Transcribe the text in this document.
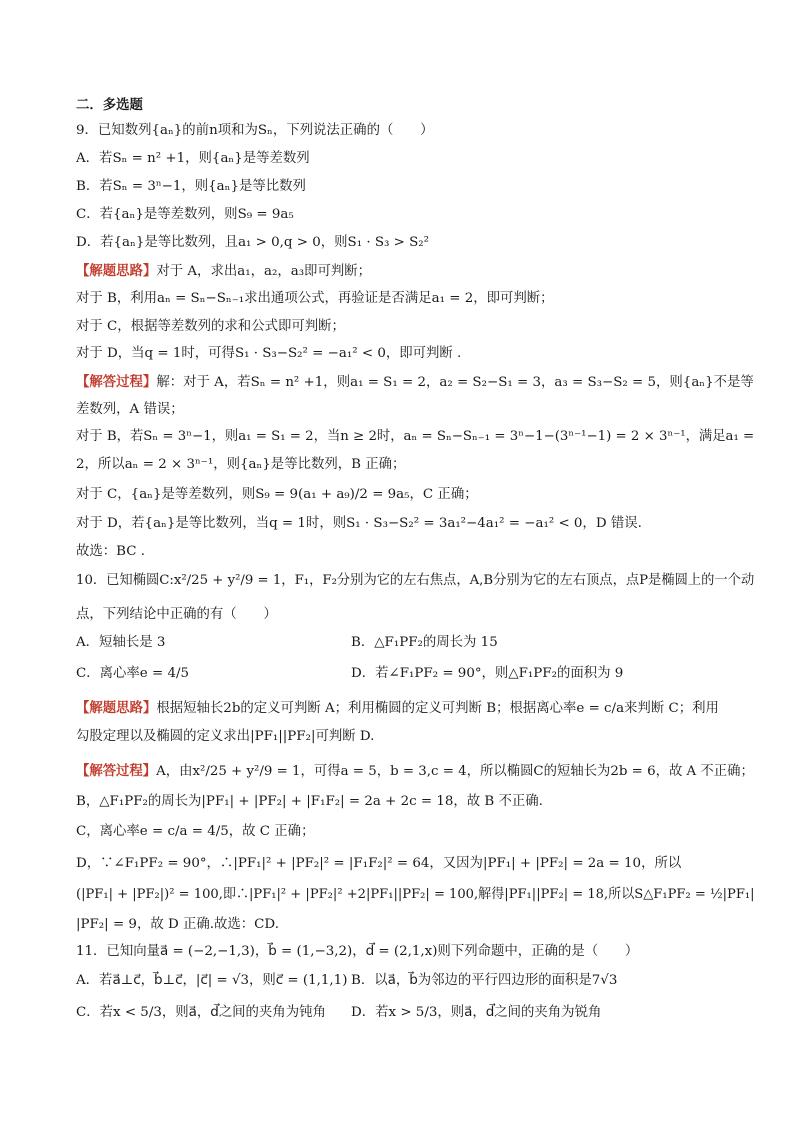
二．多选题
9．已知数列{aₙ}的前n项和为Sₙ，下列说法正确的（　　）
A．若Sₙ = n² +1，则{aₙ}是等差数列
B．若Sₙ = 3ⁿ−1，则{aₙ}是等比数列
C．若{aₙ}是等差数列，则S₉ = 9a₅
D．若{aₙ}是等比数列，且a₁ > 0,q > 0，则S₁ · S₃ > S₂²
【解题思路】对于 A，求出a₁，a₂，a₃即可判断；
对于 B，利用aₙ = Sₙ−Sₙ₋₁求出通项公式，再验证是否满足a₁ = 2，即可判断；
对于 C，根据等差数列的求和公式即可判断；
对于 D，当q = 1时，可得S₁ · S₃−S₂² = −a₁² < 0，即可判断 .
【解答过程】解：对于 A，若Sₙ = n² +1，则a₁ = S₁ = 2，a₂ = S₂−S₁ = 3，a₃ = S₃−S₂ = 5，则{aₙ}不是等
差数列，A 错误；
对于 B，若Sₙ = 3ⁿ−1，则a₁ = S₁ = 2，当n ≥ 2时，aₙ = Sₙ−Sₙ₋₁ = 3ⁿ−1−(3ⁿ⁻¹−1) = 2 × 3ⁿ⁻¹，满足a₁ =
2，所以aₙ = 2 × 3ⁿ⁻¹，则{aₙ}是等比数列，B 正确；
对于 C，{aₙ}是等差数列，则S₉ = 9(a₁ + a₉)/2 = 9a₅，C 正确；
对于 D，若{aₙ}是等比数列，当q = 1时，则S₁ · S₃−S₂² = 3a₁²−4a₁² = −a₁² < 0，D 错误.
故选：BC .
10．已知椭圆C:x²/25 + y²/9 = 1，F₁，F₂分别为它的左右焦点，A,B分别为它的左右顶点，点P是椭圆上的一个动
点，下列结论中正确的有（　　）
A．短轴长是 3	B．△F₁PF₂的周长为 15
C．离心率e = 4/5	D．若∠F₁PF₂ = 90°，则△F₁PF₂的面积为 9
【解题思路】根据短轴长2b的定义可判断 A；利用椭圆的定义可判断 B；根据离心率e = c/a来判断 C；利用
勾股定理以及椭圆的定义求出|PF₁||PF₂|可判断 D.
【解答过程】A，由x²/25 + y²/9 = 1，可得a = 5，b = 3,c = 4，所以椭圆C的短轴长为2b = 6，故 A 不正确；
B，△F₁PF₂的周长为|PF₁| + |PF₂| + |F₁F₂| = 2a + 2c = 18，故 B 不正确.
C，离心率e = c/a = 4/5，故 C 正确；
D，∵∠F₁PF₂ = 90°，∴|PF₁|² + |PF₂|² = |F₁F₂|² = 64，又因为|PF₁| + |PF₂| = 2a = 10，所以
(|PF₁| + |PF₂|)² = 100,即∴|PF₁|² + |PF₂|² +2|PF₁||PF₂| = 100,解得|PF₁||PF₂| = 18,所以S△F₁PF₂ = ½|PF₁|
|PF₂| = 9，故 D 正确.故选：CD.
11．已知向量a⃗ = (−2,−1,3)，b⃗ = (1,−3,2)，d⃗ = (2,1,x)则下列命题中，正确的是（　　）
A．若a⃗⊥c⃗，b⃗⊥c⃗，|c⃗| = √3，则c⃗ = (1,1,1) B．以a⃗，b⃗为邻边的平行四边形的面积是7√3
C．若x < 5/3，则a⃗，d⃗之间的夹角为钝角 D．若x > 5/3，则a⃗，d⃗之间的夹角为锐角
